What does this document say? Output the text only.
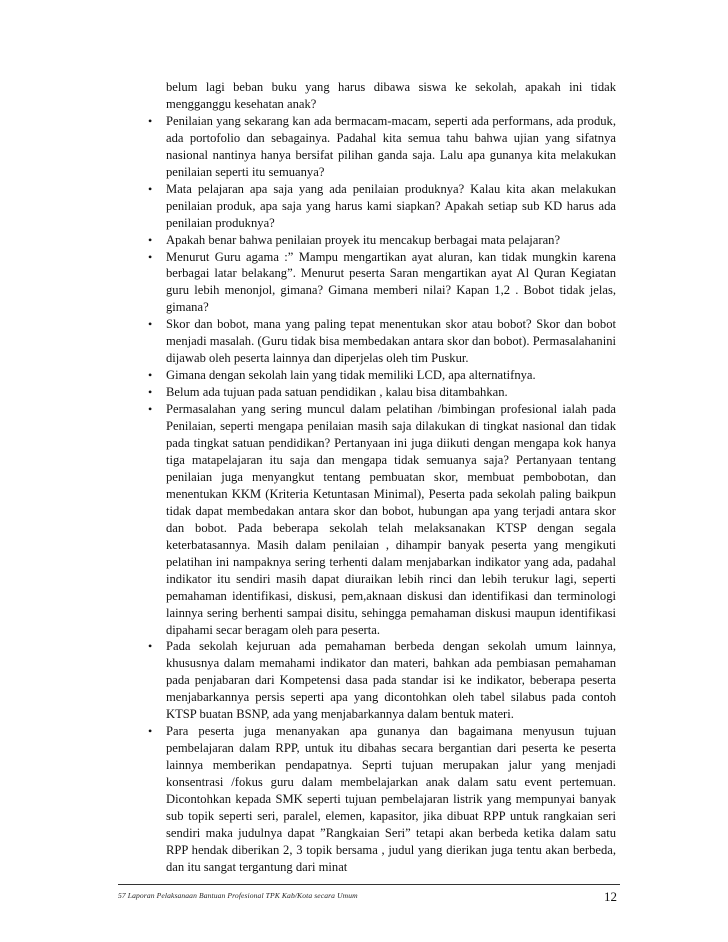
belum lagi beban buku yang harus dibawa siswa ke sekolah, apakah ini tidak mengganggu kesehatan anak?

•	Penilaian yang sekarang kan ada bermacam-macam, seperti ada performans, ada produk, ada portofolio dan sebagainya. Padahal kita semua tahu bahwa ujian yang sifatnya nasional nantinya hanya bersifat pilihan ganda saja. Lalu apa gunanya kita melakukan penilaian seperti itu semuanya?

•	Mata pelajaran apa saja yang ada penilaian produknya? Kalau kita akan melakukan penilaian produk, apa saja yang harus kami siapkan? Apakah setiap sub KD harus ada penilaian produknya?

•	Apakah benar bahwa penilaian proyek itu mencakup berbagai mata pelajaran?

•	Menurut Guru agama :” Mampu mengartikan ayat aluran, kan tidak mungkin karena berbagai latar belakang”. Menurut peserta Saran mengartikan ayat Al Quran Kegiatan guru lebih menonjol, gimana? Gimana memberi nilai? Kapan 1,2 . Bobot tidak jelas, gimana?

•	Skor dan bobot, mana yang paling tepat menentukan skor atau bobot? Skor dan bobot menjadi masalah. (Guru tidak bisa membedakan antara skor dan bobot). Permasalahanini dijawab oleh peserta lainnya dan diperjelas oleh tim Puskur.

•	Gimana dengan sekolah lain yang tidak memiliki LCD, apa alternatifnya.

•	Belum ada tujuan pada satuan pendidikan , kalau bisa ditambahkan.

•	Permasalahan yang sering muncul dalam pelatihan /bimbingan profesional ialah pada Penilaian, seperti mengapa penilaian masih saja dilakukan di tingkat nasional dan tidak pada tingkat satuan pendidikan? Pertanyaan ini juga diikuti dengan mengapa kok hanya tiga matapelajaran itu saja dan mengapa tidak semuanya saja? Pertanyaan tentang penilaian juga menyangkut tentang pembuatan skor, membuat pembobotan, dan menentukan KKM (Kriteria Ketuntasan Minimal), Peserta pada sekolah paling baikpun tidak dapat membedakan antara skor dan bobot, hubungan apa yang terjadi antara skor dan bobot. Pada beberapa sekolah telah melaksanakan KTSP dengan segala keterbatasannya. Masih dalam penilaian , dihampir banyak peserta yang mengikuti pelatihan ini nampaknya sering terhenti dalam menjabarkan indikator yang ada, padahal indikator itu sendiri masih dapat diuraikan lebih rinci dan lebih terukur lagi, seperti pemahaman identifikasi, diskusi, pem,aknaan diskusi dan identifikasi dan terminologi lainnya sering berhenti sampai disitu, sehingga pemahaman diskusi maupun identifikasi dipahami secar beragam oleh para peserta.

•	Pada sekolah kejuruan ada pemahaman berbeda dengan sekolah umum lainnya, khususnya dalam memahami indikator dan materi, bahkan ada pembiasan pemahaman pada penjabaran dari Kompetensi dasa pada standar isi ke indikator, beberapa peserta menjabarkannya persis seperti apa yang dicontohkan oleh tabel silabus pada contoh KTSP buatan BSNP, ada yang menjabarkannya dalam bentuk materi.

•	Para peserta juga menanyakan apa gunanya dan bagaimana menyusun tujuan pembelajaran dalam RPP, untuk itu dibahas secara bergantian dari peserta ke peserta lainnya memberikan pendapatnya. Seprti tujuan merupakan jalur yang menjadi konsentrasi /fokus guru dalam membelajarkan anak dalam satu event pertemuan. Dicontohkan kepada SMK seperti tujuan pembelajaran listrik yang mempunyai banyak sub topik seperti seri, paralel, elemen, kapasitor, jika dibuat RPP untuk rangkaian seri sendiri maka judulnya dapat ”Rangkaian Seri” tetapi akan berbeda ketika dalam satu RPP hendak diberikan 2, 3 topik bersama , judul yang dierikan juga tentu akan berbeda, dan itu sangat tergantung dari minat

57 Laporan Pelaksanaan Bantuan Profesional TPK Kab/Kota secara Umum	12
